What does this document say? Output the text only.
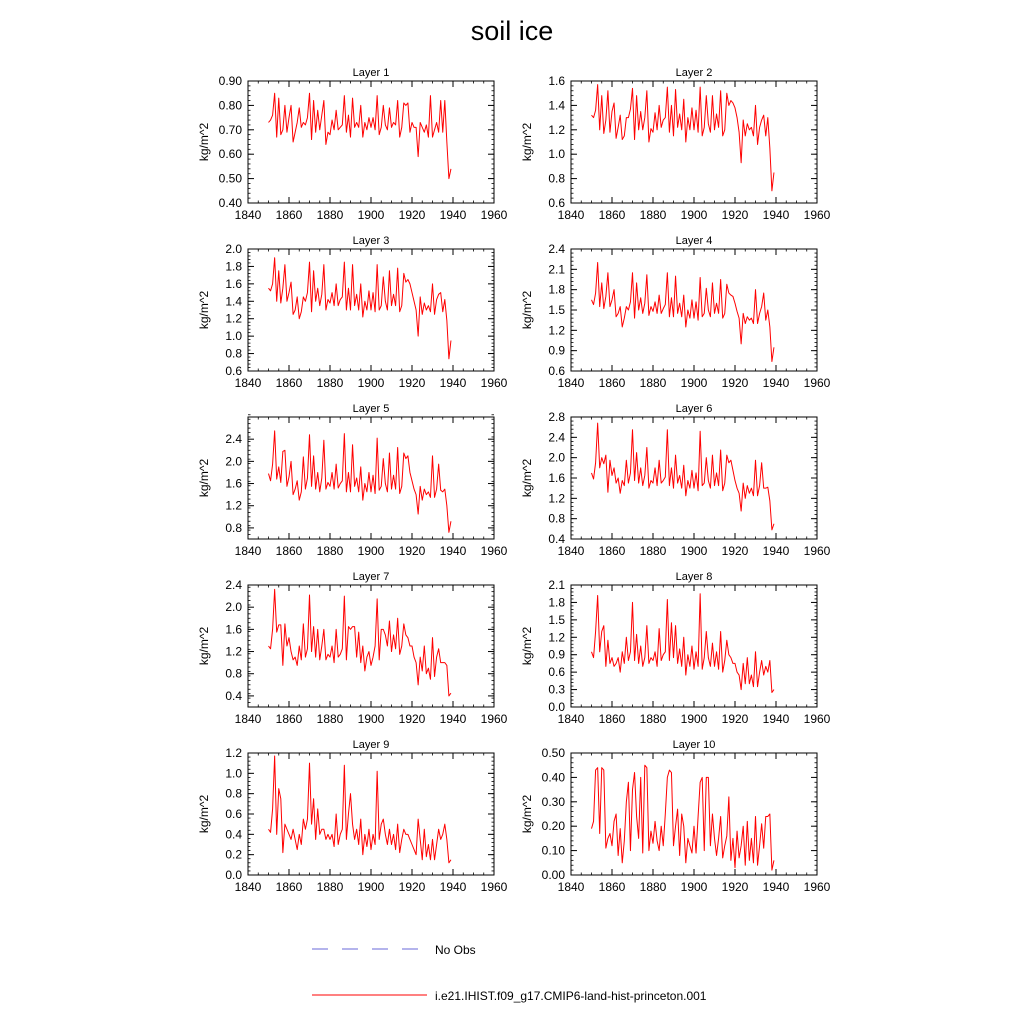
soil ice
No Obs
i.e21.IHIST.f09_g17.CMIP6-land-hist-princeton.001
Layer 1
kg/m^2
1840 1860 1880 1900 1920 1940 1960
0.40
0.50
0.60
0.70
0.80
0.90
Layer 2
kg/m^2
1840 1860 1880 1900 1920 1940 1960
0.6
0.8
1.0
1.2
1.4
1.6
Layer 3
kg/m^2
1840 1860 1880 1900 1920 1940 1960
0.6
0.8
1.0
1.2
1.4
1.6
1.8
2.0
Layer 4
kg/m^2
1840 1860 1880 1900 1920 1940 1960
0.6
0.9
1.2
1.5
1.8
2.1
2.4
Layer 5
kg/m^2
1840 1860 1880 1900 1920 1940 1960
0.8
1.2
1.6
2.0
2.4
Layer 6
kg/m^2
1840 1860 1880 1900 1920 1940 1960
0.4
0.8
1.2
1.6
2.0
2.4
2.8
Layer 7
kg/m^2
1840 1860 1880 1900 1920 1940 1960
0.4
0.8
1.2
1.6
2.0
2.4
Layer 8
kg/m^2
1840 1860 1880 1900 1920 1940 1960
0.0
0.3
0.6
0.9
1.2
1.5
1.8
2.1
Layer 9
kg/m^2
1840 1860 1880 1900 1920 1940 1960
0.0
0.2
0.4
0.6
0.8
1.0
1.2
Layer 10
kg/m^2
1840 1860 1880 1900 1920 1940 1960
0.00
0.10
0.20
0.30
0.40
0.50
